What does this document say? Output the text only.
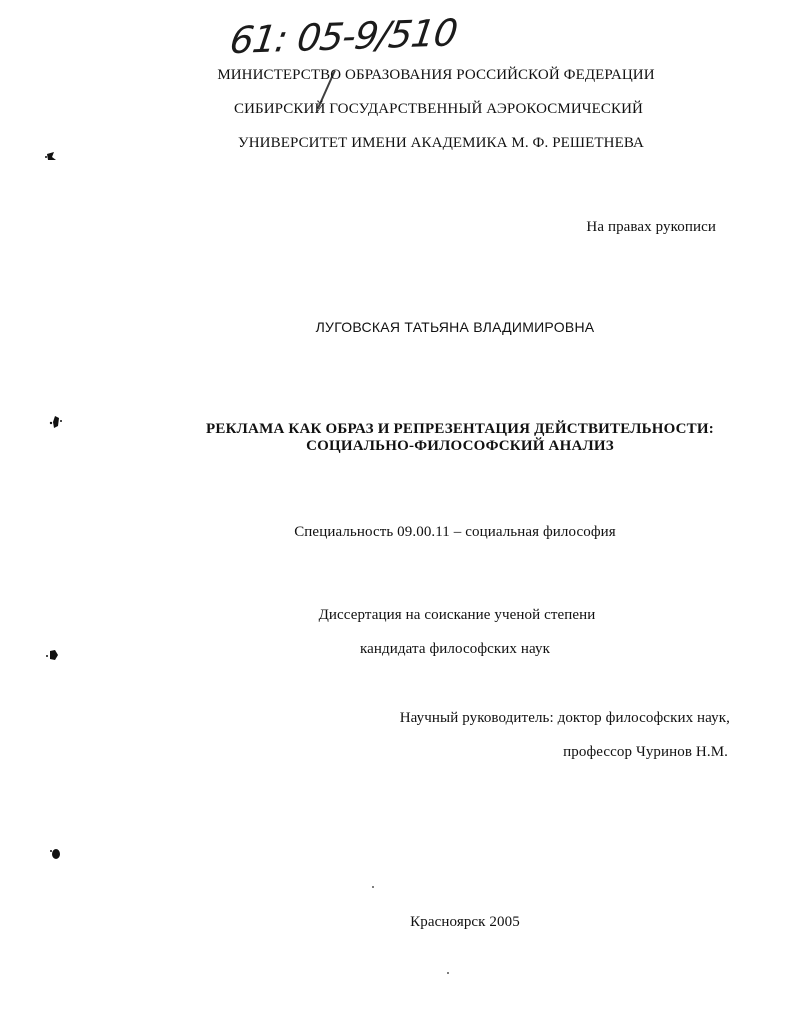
61: 05-9/510
МИНИСТЕРСТВО ОБРАЗОВАНИЯ РОССИЙСКОЙ ФЕДЕРАЦИИ
СИБИРСКИЙ ГОСУДАРСТВЕННЫЙ АЭРОКОСМИЧЕСКИЙ
УНИВЕРСИТЕТ ИМЕНИ АКАДЕМИКА М. Ф. РЕШЕТНЕВА
На правах рукописи
ЛУГОВСКАЯ ТАТЬЯНА ВЛАДИМИРОВНА
РЕКЛАМА КАК ОБРАЗ И РЕПРЕЗЕНТАЦИЯ ДЕЙСТВИТЕЛЬНОСТИ:
СОЦИАЛЬНО-ФИЛОСОФСКИЙ АНАЛИЗ
Специальность 09.00.11 – социальная философия
Диссертация на соискание ученой степени
кандидата философских наук
Научный руководитель: доктор философских наук,
профессор Чуринов Н.М.
Красноярск 2005
